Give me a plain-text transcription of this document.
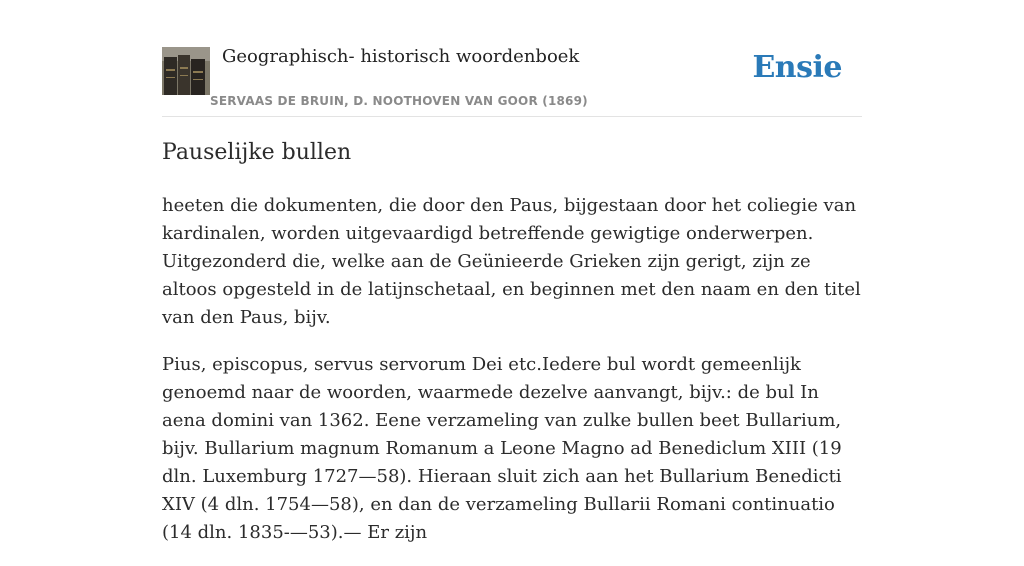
Geographisch- historisch woordenboek
SERVAAS DE BRUIN, D. NOOTHOVEN VAN GOOR (1869)
Ensie
Pauselijke bullen

heeten die dokumenten, die door den Paus, bijgestaan door het coliegie van kardinalen, worden uitgevaardigd betreffende gewigtige onderwerpen. Uitgezonderd die, welke aan de Geünieerde Grieken zijn gerigt, zijn ze altoos opgesteld in de latijnschetaal, en beginnen met den naam en den titel van den Paus, bijv.

Pius, episcopus, servus servorum Dei etc.Iedere bul wordt gemeenlijk genoemd naar de woorden, waarmede dezelve aanvangt, bijv.: de bul In aena domini van 1362. Eene verzameling van zulke bullen beet Bullarium, bijv. Bullarium magnum Romanum a Leone Magno ad Benediclum XIII (19 dln. Luxemburg 1727—58). Hieraan sluit zich aan het Bullarium Benedicti XIV (4 dln. 1754—58), en dan de verzameling Bullarii Romani continuatio (14 dln. 1835-—53).— Er zijn
